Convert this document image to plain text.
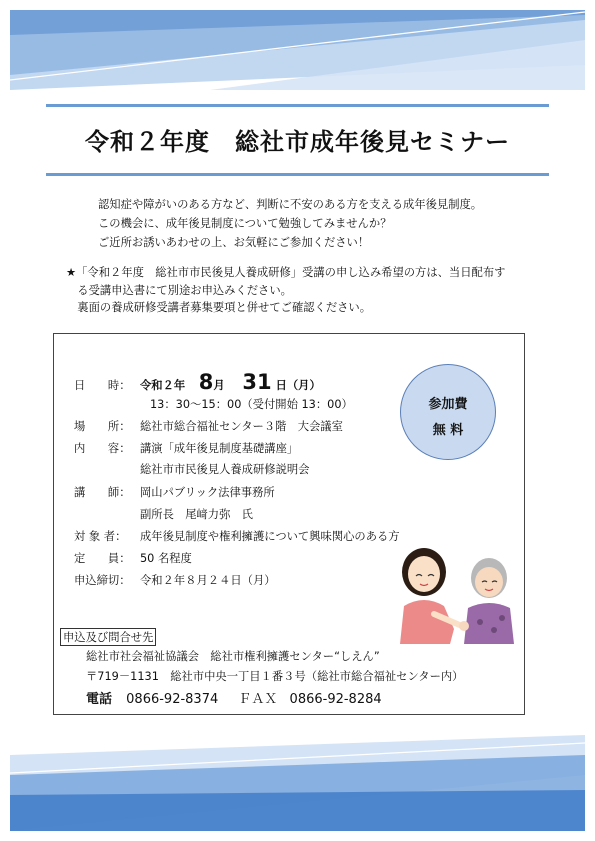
令和２年度　総社市成年後見セミナー
認知症や障がいのある方など、判断に不安のある方を支える成年後見制度。
この機会に、成年後見制度について勉強してみませんか？
ご近所お誘いあわせの上、お気軽にご参加ください！
★「令和２年度　総社市市民後見人養成研修」受講の申し込み希望の方は、当日配布す
　る受講申込書にて別途お申込みください。
　裏面の養成研修受講者募集要項と併せてご確認ください。
日　　時： 令和２年 8月 31 日（月）
13：30～15：00（受付開始 13：00）
場　　所： 総社市総合福祉センター３階　大会議室
内　　容： 講演「成年後見制度基礎講座」
総社市市民後見人養成研修説明会
講　　師： 岡山パブリック法律事務所
副所長　尾﨑力弥　氏
対 象 者： 成年後見制度や権利擁護について興味関心のある方
定　　員： 50 名程度
申込締切： 令和２年８月２４日（月）
参加費
無 料
申込及び問合せ先
総社市社会福祉協議会　総社市権利擁護センター“しえん”
〒719－1131　総社市中央一丁目１番３号（総社市総合福祉センター内）
電話 0866-92-8374 ＦＡＸ 0866-92-8284
